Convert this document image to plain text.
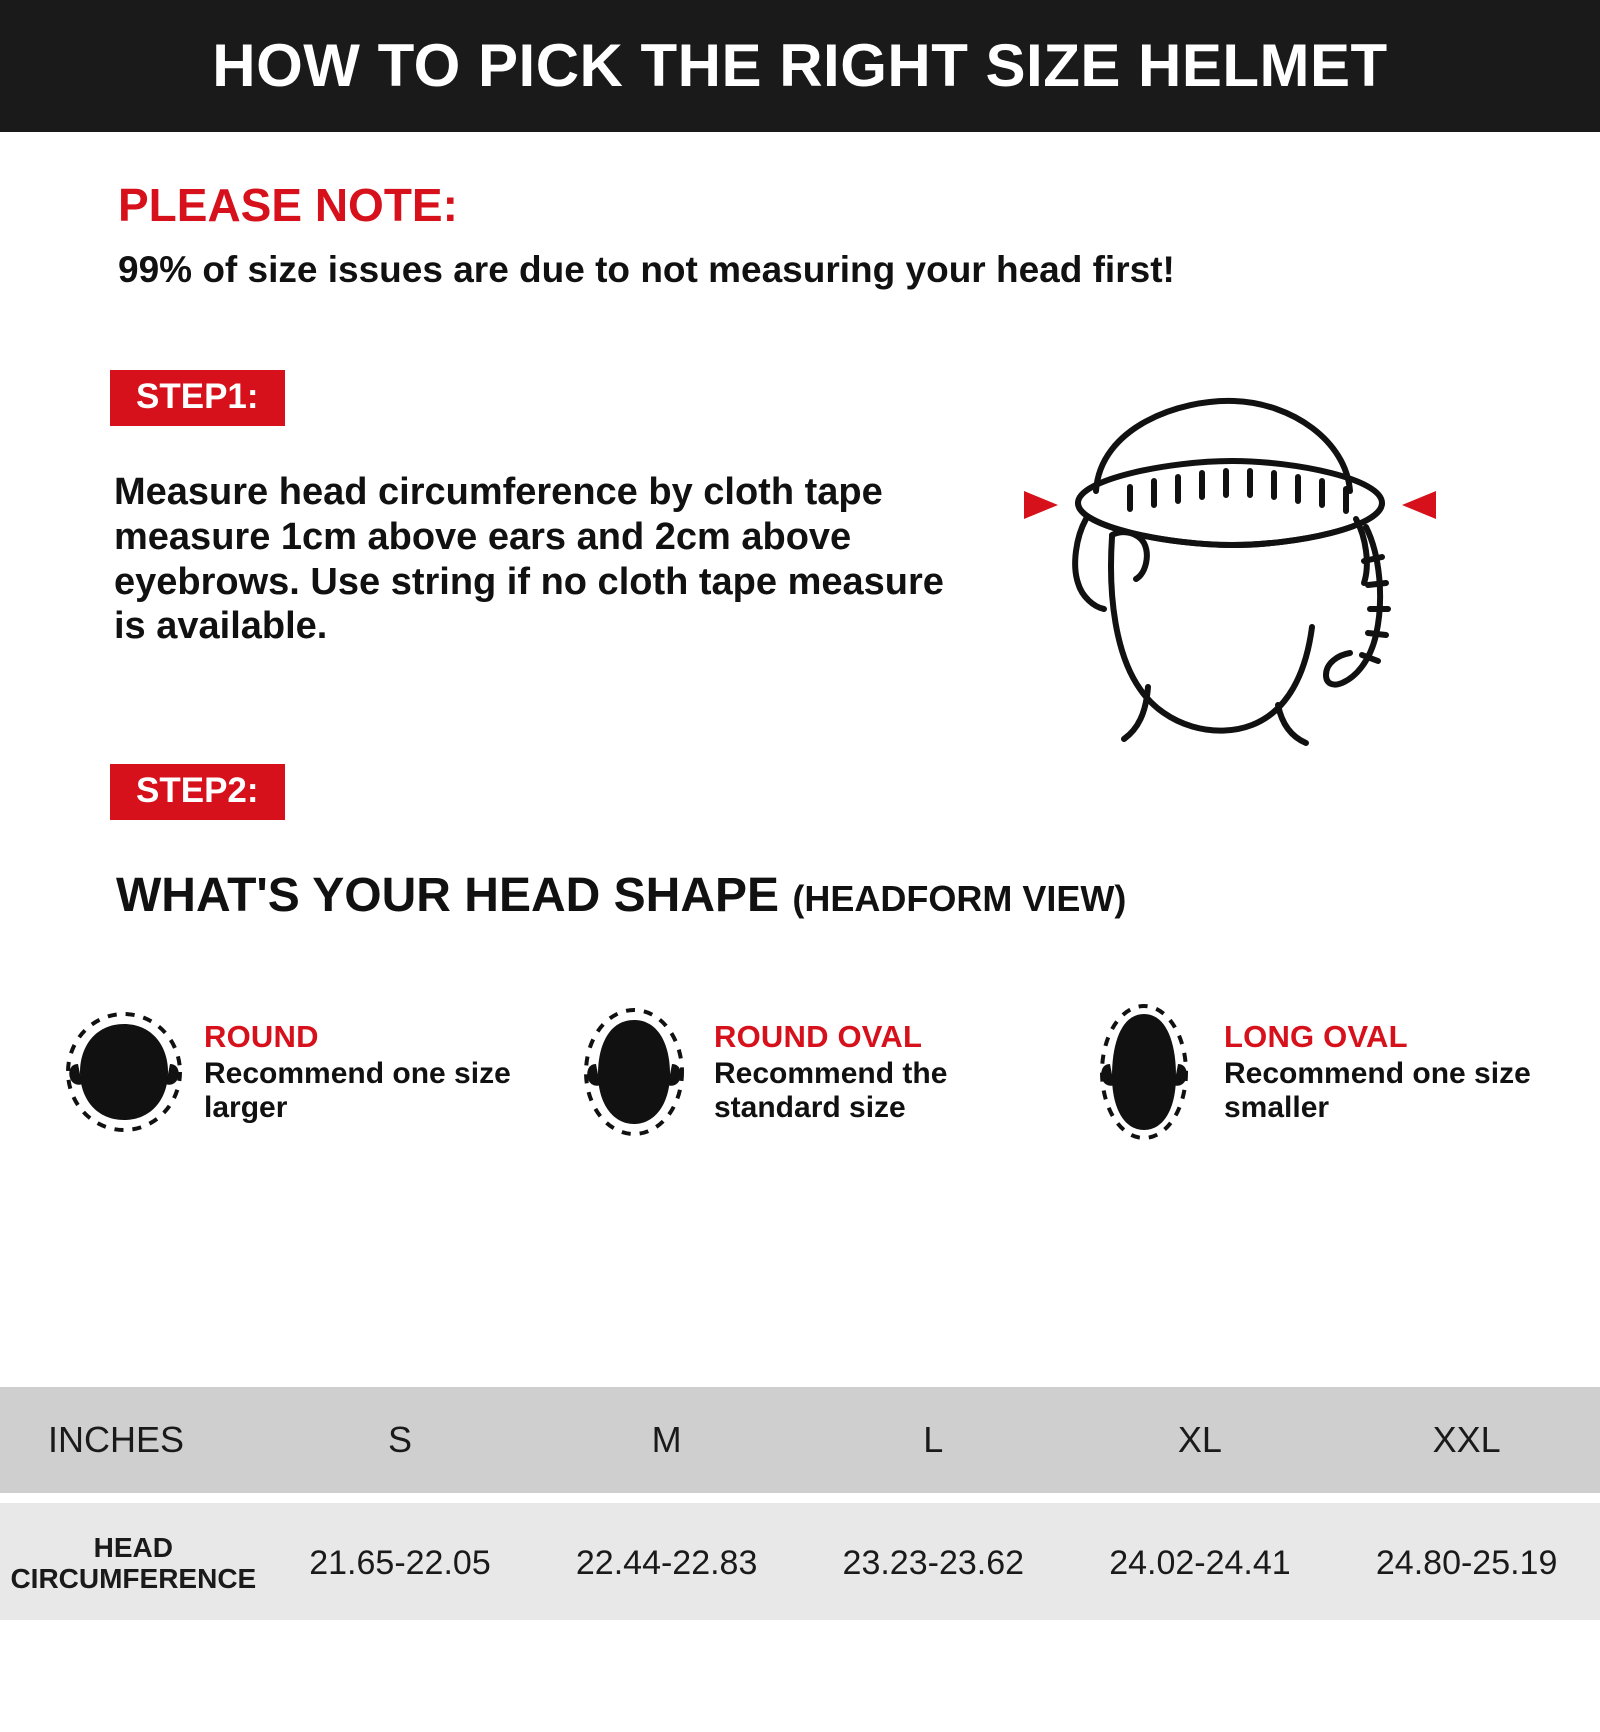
HOW TO PICK THE RIGHT SIZE HELMET
PLEASE NOTE:
99% of size issues are due to not measuring your head first!
STEP1:
Measure head circumference by cloth tape measure 1cm above ears and 2cm above eyebrows. Use string if no cloth tape measure is available.
STEP2:
WHAT'S YOUR HEAD SHAPE (HEADFORM VIEW)
ROUND
Recommend one size larger
ROUND OVAL
Recommend the standard size
LONG OVAL
Recommend one size smaller
INCHES	S	M	L	XL	XXL

HEAD
CIRCUMFERENCE	21.65-22.05	22.44-22.83	23.23-23.62	24.02-24.41	24.80-25.19
